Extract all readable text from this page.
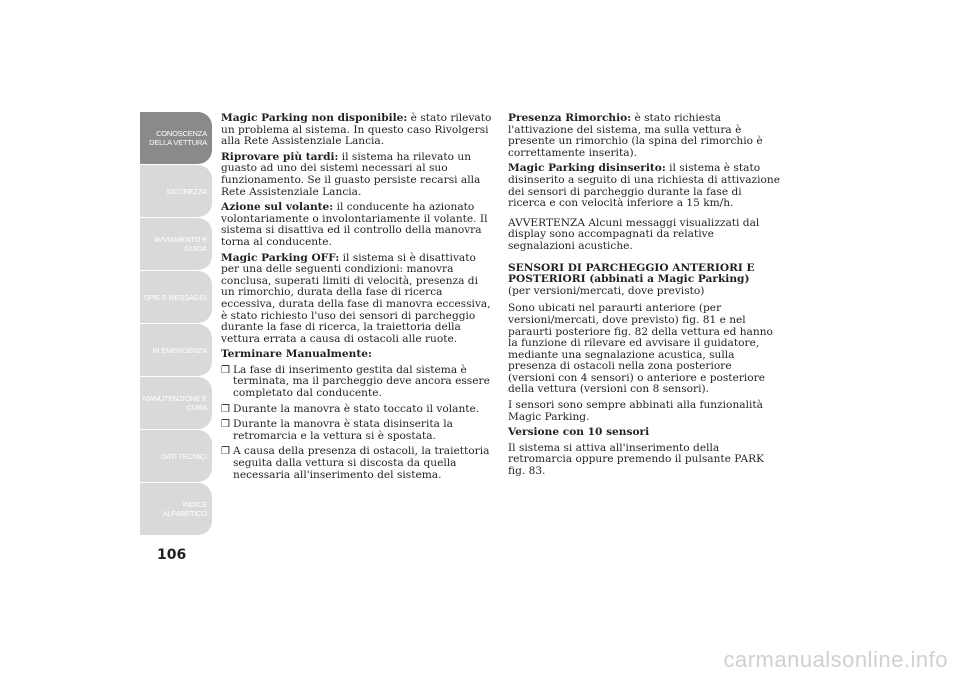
CONOSCENZA DELLA VETTURA
SICUREZZA
AVVIAMENTO E GUIDA
SPIE E MESSAGGI
IN EMERGENZA
MANUTENZIONE E CURA
DATI TECNICI
INDICE ALFABETICO
106

Magic Parking non disponibile: è stato rilevato un problema al sistema. In questo caso Rivolgersi alla Rete Assistenziale Lancia.

Riprovare più tardi: il sistema ha rilevato un guasto ad uno dei sistemi necessari al suo funzionamento. Se il guasto persiste recarsi alla Rete Assistenziale Lancia.

Azione sul volante: il conducente ha azionato volontariamente o involontariamente il volante. Il sistema si disattiva ed il controllo della manovra torna al conducente.

Magic Parking OFF: il sistema si è disattivato per una delle seguenti condizioni: manovra conclusa, superati limiti di velocità, presenza di un rimorchio, durata della fase di ricerca eccessiva, durata della fase di manovra eccessiva, è stato richiesto l'uso dei sensori di parcheggio durante la fase di ricerca, la traiettoria della vettura errata a causa di ostacoli alle ruote.

Terminare Manualmente:

❒ La fase di inserimento gestita dal sistema è terminata, ma il parcheggio deve ancora essere completato dal conducente.
❒ Durante la manovra è stato toccato il volante.
❒ Durante la manovra è stata disinserita la retromarcia e la vettura si è spostata.
❒ A causa della presenza di ostacoli, la traiettoria seguita dalla vettura si discosta da quella necessaria all'inserimento del sistema.

Presenza Rimorchio: è stato richiesta l'attivazione del sistema, ma sulla vettura è presente un rimorchio (la spina del rimorchio è correttamente inserita).

Magic Parking disinserito: il sistema è stato disinserito a seguito di una richiesta di attivazione dei sensori di parcheggio durante la fase di ricerca e con velocità inferiore a 15 km/h.

AVVERTENZA Alcuni messaggi visualizzati dal display sono accompagnati da relative segnalazioni acustiche.

SENSORI DI PARCHEGGIO ANTERIORI E POSTERIORI (abbinati a Magic Parking)

(per versioni/mercati, dove previsto)

Sono ubicati nel paraurti anteriore (per versioni/mercati, dove previsto) fig. 81 e nel paraurti posteriore fig. 82 della vettura ed hanno la funzione di rilevare ed avvisare il guidatore, mediante una segnalazione acustica, sulla presenza di ostacoli nella zona posteriore (versioni con 4 sensori) o anteriore e posteriore della vettura (versioni con 8 sensori).

I sensori sono sempre abbinati alla funzionalità Magic Parking.

Versione con 10 sensori

Il sistema si attiva all'inserimento della retromarcia oppure premendo il pulsante PARK fig. 83.

carmanualsonline.info
